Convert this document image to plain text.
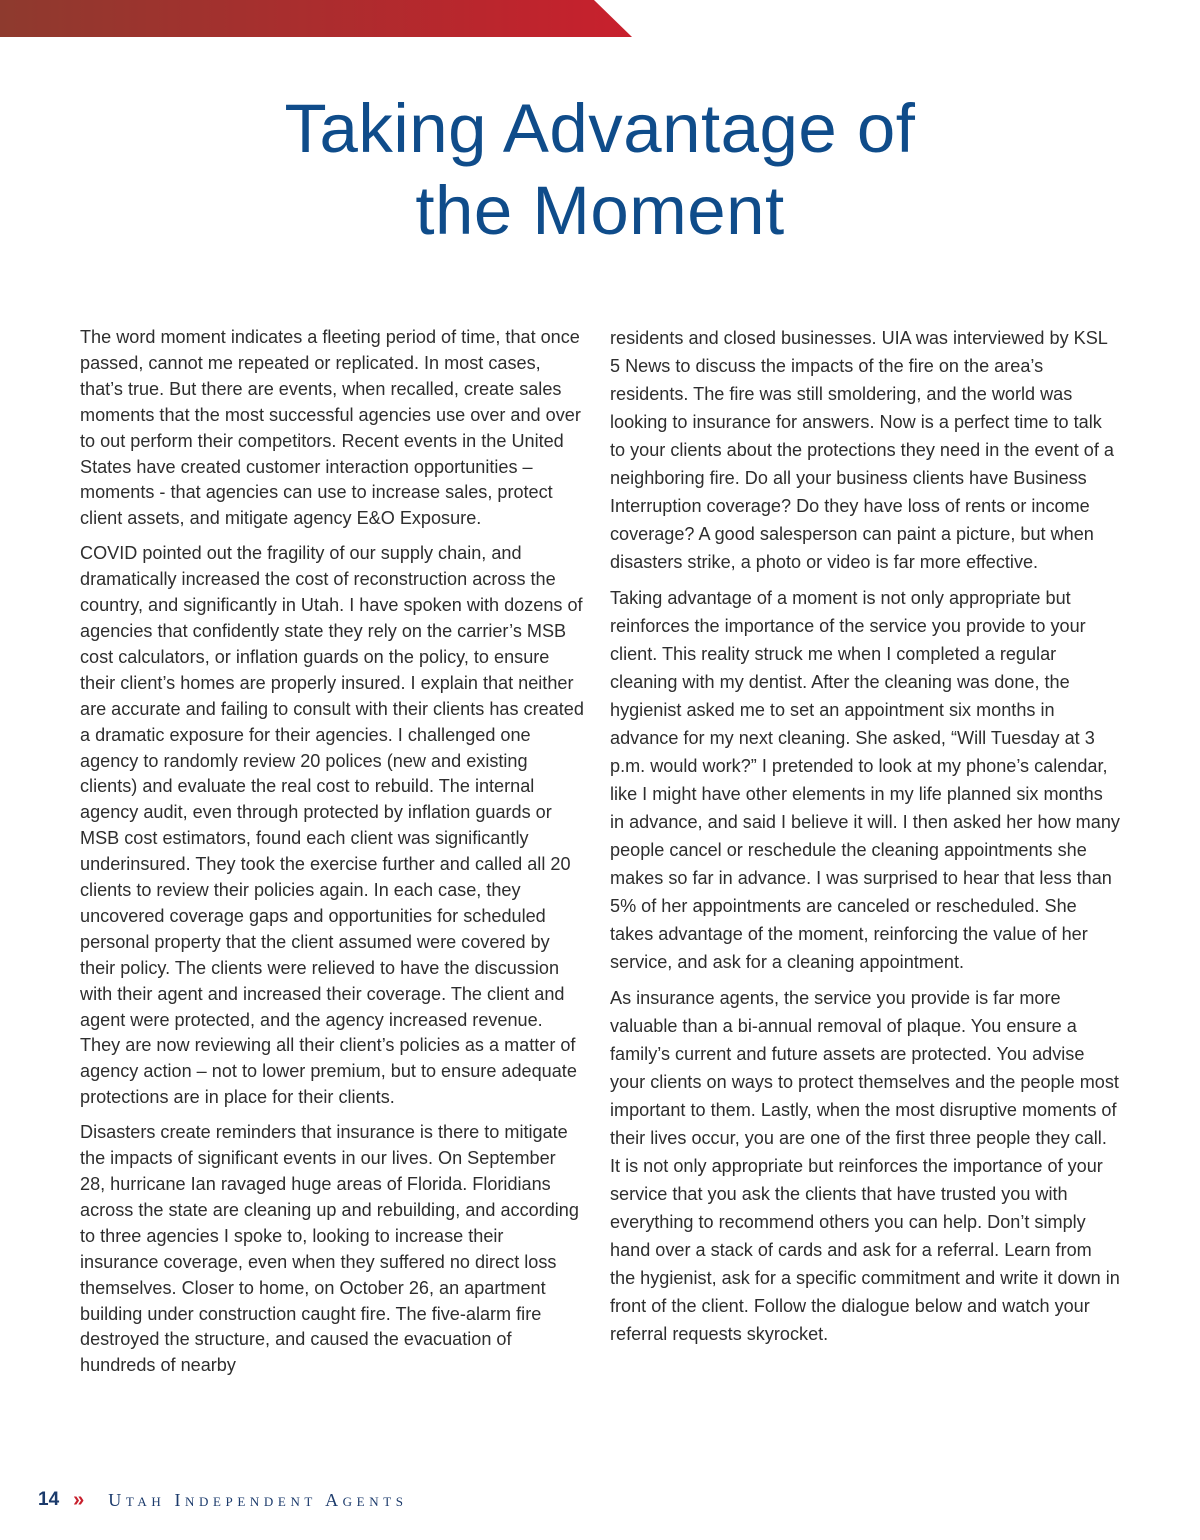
Taking Advantage of
the Moment

The word moment indicates a fleeting period of time, that once passed, cannot me repeated or replicated. In most cases, that’s true. But there are events, when recalled, create sales moments that the most successful agencies use over and over to out perform their competitors. Recent events in the United States have created customer interaction opportunities – moments - that agencies can use to increase sales, protect client assets, and mitigate agency E&O Exposure.

COVID pointed out the fragility of our supply chain, and dramatically increased the cost of reconstruction across the country, and significantly in Utah. I have spoken with dozens of agencies that confidently state they rely on the carrier’s MSB cost calculators, or inflation guards on the policy, to ensure their client’s homes are properly insured. I explain that neither are accurate and failing to consult with their clients has created a dramatic exposure for their agencies. I challenged one agency to randomly review 20 polices (new and existing clients) and evaluate the real cost to rebuild. The internal agency audit, even through protected by inflation guards or MSB cost estimators, found each client was significantly underinsured. They took the exercise further and called all 20 clients to review their policies again. In each case, they uncovered coverage gaps and opportunities for scheduled personal property that the client assumed were covered by their policy. The clients were relieved to have the discussion with their agent and increased their coverage. The client and agent were protected, and the agency increased revenue. They are now reviewing all their client’s policies as a matter of agency action – not to lower premium, but to ensure adequate protections are in place for their clients.

Disasters create reminders that insurance is there to mitigate the impacts of significant events in our lives. On September 28, hurricane Ian ravaged huge areas of Florida. Floridians across the state are cleaning up and rebuilding, and according to three agencies I spoke to, looking to increase their insurance coverage, even when they suffered no direct loss themselves. Closer to home, on October 26, an apartment building under construction caught fire. The five-alarm fire destroyed the structure, and caused the evacuation of hundreds of nearby

residents and closed businesses. UIA was interviewed by KSL 5 News to discuss the impacts of the fire on the area’s residents. The fire was still smoldering, and the world was looking to insurance for answers. Now is a perfect time to talk to your clients about the protections they need in the event of a neighboring fire. Do all your business clients have Business Interruption coverage? Do they have loss of rents or income coverage? A good salesperson can paint a picture, but when disasters strike, a photo or video is far more effective.

Taking advantage of a moment is not only appropriate but reinforces the importance of the service you provide to your client. This reality struck me when I completed a regular cleaning with my dentist. After the cleaning was done, the hygienist asked me to set an appointment six months in advance for my next cleaning. She asked, “Will Tuesday at 3 p.m. would work?” I pretended to look at my phone’s calendar, like I might have other elements in my life planned six months in advance, and said I believe it will. I then asked her how many people cancel or reschedule the cleaning appointments she makes so far in advance. I was surprised to hear that less than 5% of her appointments are canceled or rescheduled. She takes advantage of the moment, reinforcing the value of her service, and ask for a cleaning appointment.

As insurance agents, the service you provide is far more valuable than a bi-annual removal of plaque. You ensure a family’s current and future assets are protected. You advise your clients on ways to protect themselves and the people most important to them. Lastly, when the most disruptive moments of their lives occur, you are one of the first three people they call. It is not only appropriate but reinforces the importance of your service that you ask the clients that have trusted you with everything to recommend others you can help. Don’t simply hand over a stack of cards and ask for a referral. Learn from the hygienist, ask for a specific commitment and write it down in front of the client. Follow the dialogue below and watch your referral requests skyrocket.

14 » Utah Independent Agents
